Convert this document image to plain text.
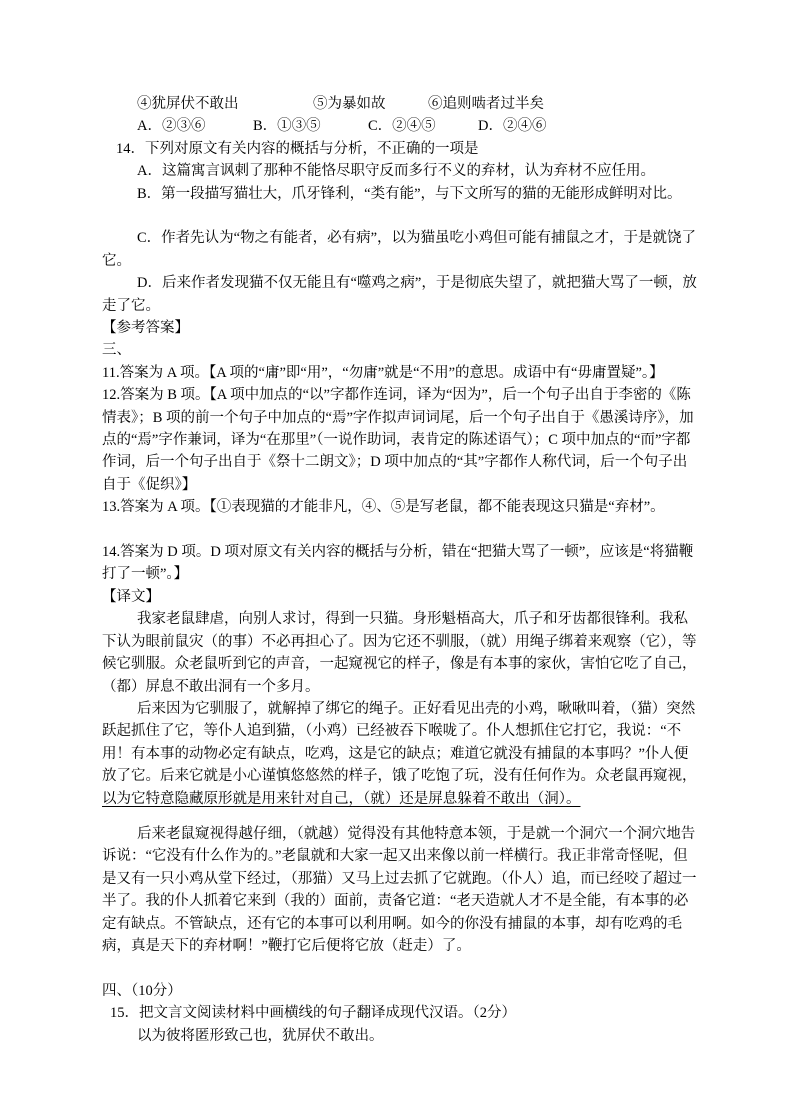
④犹屏伏不敢出	⑤为暴如故	⑥追则啮者过半矣
A．②③⑥	B．①③⑤	C．②④⑤	D．②④⑥
14．下列对原文有关内容的概括与分析，不正确的一项是
A．这篇寓言讽刺了那种不能恪尽职守反而多行不义的弃材，认为弃材不应任用。
B．第一段描写猫壮大，爪牙锋利，“类有能”，与下文所写的猫的无能形成鲜明对比。
C．作者先认为“物之有能者，必有病”，以为猫虽吃小鸡但可能有捕鼠之才，于是就饶了它。
D．后来作者发现猫不仅无能且有“噬鸡之病”，于是彻底失望了，就把猫大骂了一顿，放走了它。
【参考答案】
三、
11.答案为 A 项。【A 项的“庸”即“用”，“勿庸”就是“不用”的意思。成语中有“毋庸置疑”。】
12.答案为 B 项。【A 项中加点的“以”字都作连词，译为“因为”，后一个句子出自于李密的《陈情表》；B 项的前一个句子中加点的“焉”字作拟声词词尾，后一个句子出自于《愚溪诗序》，加点的“焉”字作兼词，译为“在那里”（一说作助词，表肯定的陈述语气）；C 项中加点的“而”字都作词，后一个句子出自于《祭十二朗文》；D 项中加点的“其”字都作人称代词，后一个句子出自于《促织》】
13.答案为 A 项。【①表现猫的才能非凡，④、⑤是写老鼠，都不能表现这只猫是“弃材”。
14.答案为 D 项。D 项对原文有关内容的概括与分析，错在“把猫大骂了一顿”，应该是“将猫鞭打了一顿”。】
【译文】
我家老鼠肆虐，向别人求讨，得到一只猫。身形魁梧高大，爪子和牙齿都很锋利。我私下认为眼前鼠灾（的事）不必再担心了。因为它还不驯服，（就）用绳子绑着来观察（它），等候它驯服。众老鼠听到它的声音，一起窥视它的样子，像是有本事的家伙，害怕它吃了自己，（都）屏息不敢出洞有一个多月。
后来因为它驯服了，就解掉了绑它的绳子。正好看见出壳的小鸡，啾啾叫着，（猫）突然跃起抓住了它，等仆人追到猫，（小鸡）已经被吞下喉咙了。仆人想抓住它打它，我说：“不用！有本事的动物必定有缺点，吃鸡，这是它的缺点；难道它就没有捕鼠的本事吗？”仆人便放了它。后来它就是小心谨慎悠悠然的样子，饿了吃饱了玩，没有任何作为。众老鼠再窥视，以为它特意隐藏原形就是用来针对自己，（就）还是屏息躲着不敢出（洞）。
后来老鼠窥视得越仔细，（就越）觉得没有其他特意本领，于是就一个洞穴一个洞穴地告诉说：“它没有什么作为的。”老鼠就和大家一起又出来像以前一样横行。我正非常奇怪呢，但是又有一只小鸡从堂下经过，（那猫）又马上过去抓了它就跑。（仆人）追，而已经咬了超过一半了。我的仆人抓着它来到（我的）面前，责备它道：“老天造就人才不是全能，有本事的必定有缺点。不管缺点，还有它的本事可以利用啊。如今的你没有捕鼠的本事，却有吃鸡的毛病，真是天下的弃材啊！”鞭打它后便将它放（赶走）了。
四、（10分）
15．把文言文阅读材料中画横线的句子翻译成现代汉语。（2分）
以为彼将匿形致己也，犹屏伏不敢出。
